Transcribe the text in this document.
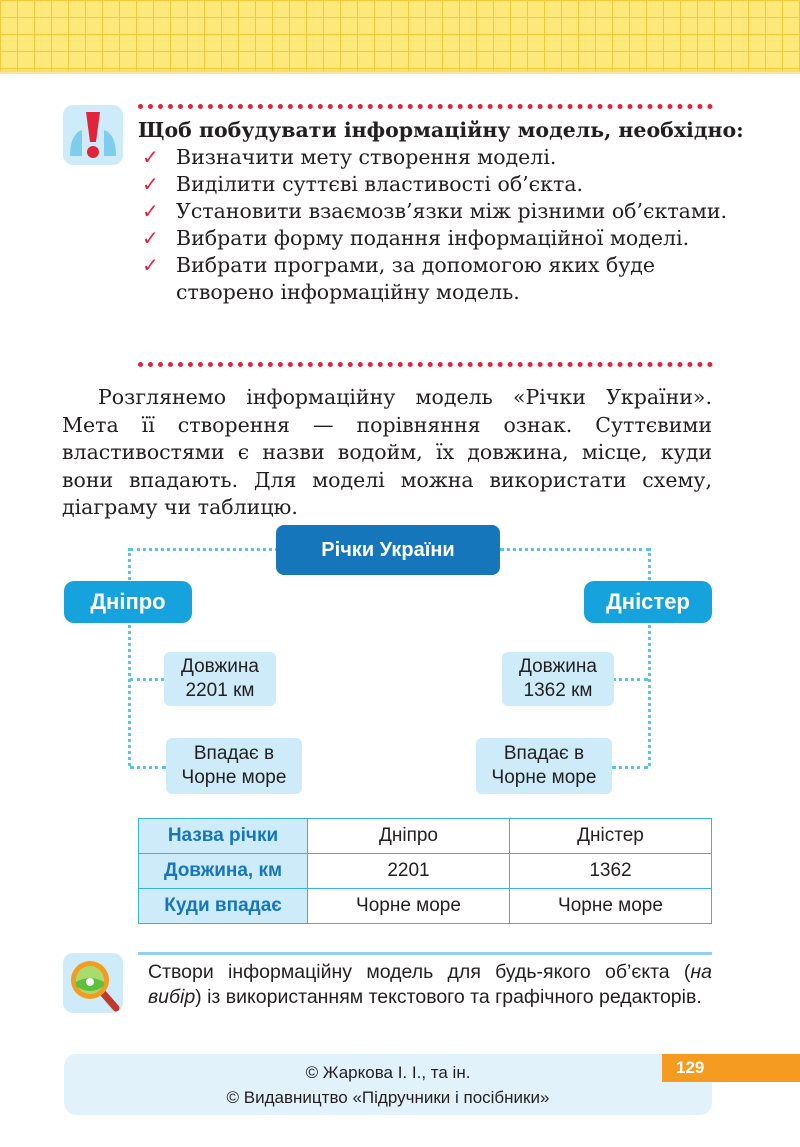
Щоб побудувати інформаційну модель, необхідно:
✓ Визначити мету створення моделі.
✓ Виділити суттєві властивості об’єкта.
✓ Установити взаємозв’язки між різними об’єктами.
✓ Вибрати форму подання інформаційної моделі.
✓ Вибрати програми, за допомогою яких буде створено інформаційну модель.

Розглянемо інформаційну модель «Річки України». Мета її створення — порівняння ознак. Суттєвими властивостями є назви водойм, їх довжина, місце, куди вони впадають. Для моделі можна використати схему, діаграму чи таблицю.

Річки України
Дніпро	Дністер
Довжина 2201 км
Довжина 1362 км
Впадає в Чорне море
Впадає в Чорне море
Назва річки	Дніпро	Дністер
Довжина, км	2201	1362
Куди впадає	Чорне море	Чорне море

Створи інформаційну модель для будь-якого об’єкта (на вибір) із використанням текстового та графічного редакторів.

© Жаркова І. І., та ін.
© Видавництво «Підручники і посібники»
129
